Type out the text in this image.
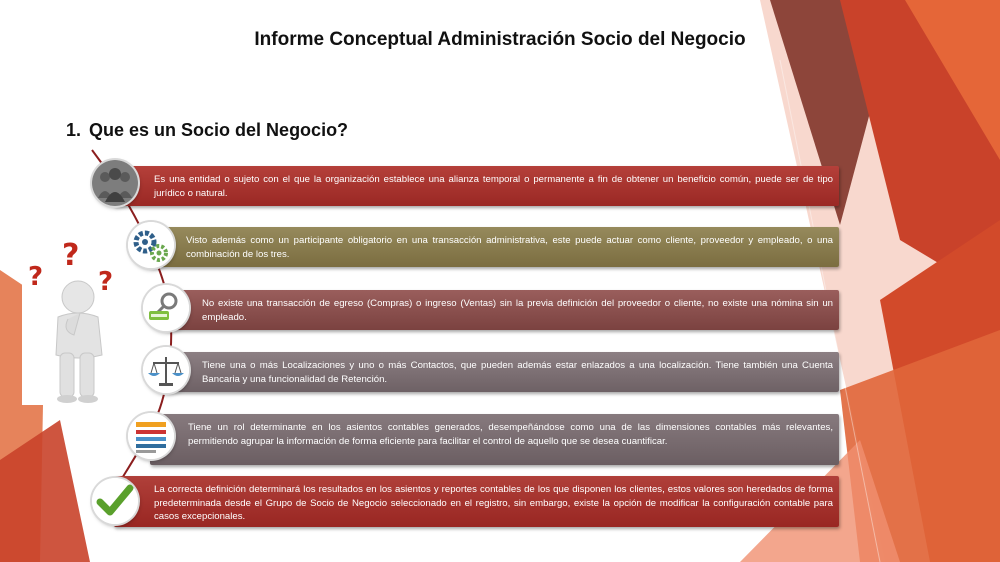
Informe Conceptual Administración Socio del Negocio
1. Que es un Socio del Negocio?
?
?
?
Es una entidad o sujeto con el que la organización establece una alianza temporal o permanente a fin de obtener un beneficio común, puede ser de tipo jurídico o natural.
Visto además como un participante obligatorio en una transacción administrativa, este puede actuar como cliente, proveedor y empleado, o una combinación de los tres.
No existe una transacción de egreso (Compras) o ingreso (Ventas) sin la previa definición del proveedor o cliente, no existe una nómina sin un empleado.
Tiene una o más Localizaciones y uno o más Contactos, que pueden además estar enlazados a una localización. Tiene también una Cuenta Bancaria y una funcionalidad de Retención.
Tiene un rol determinante en los asientos contables generados, desempeñándose como una de las dimensiones contables más relevantes, permitiendo agrupar la información de forma eficiente para facilitar el control de aquello que se desea cuantificar.
La correcta definición determinará los resultados en los asientos y reportes contables de los que disponen los clientes, estos valores son heredados de forma predeterminada desde el Grupo de Socio de Negocio seleccionado en el registro, sin embargo, existe la opción de modificar la configuración contable para casos excepcionales.
